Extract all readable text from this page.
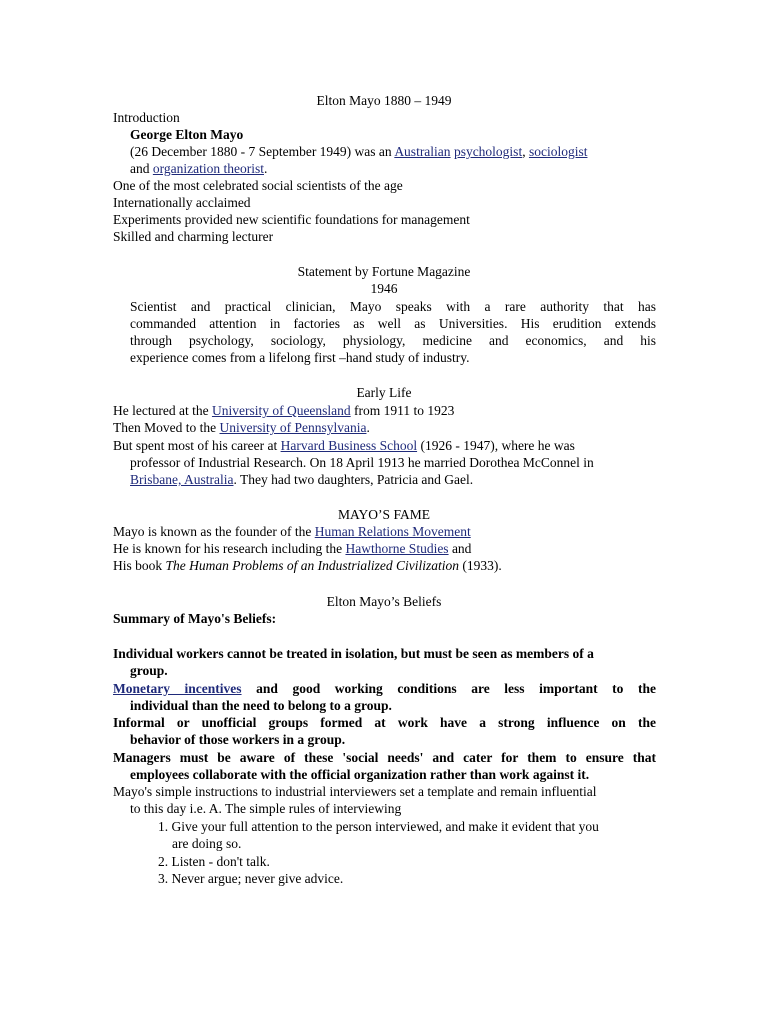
Elton Mayo 1880 – 1949
Introduction
George Elton Mayo
(26 December 1880 - 7 September 1949) was an Australian psychologist, sociologist
and organization theorist.
One of the most celebrated social scientists of the age
Internationally acclaimed
Experiments provided new scientific foundations for management
Skilled and charming lecturer
Statement by Fortune Magazine
1946
Scientist and practical clinician, Mayo speaks with a rare authority that has
commanded attention in factories as well as Universities. His erudition extends
through psychology, sociology, physiology, medicine and economics, and his
experience comes from a lifelong first –hand study of industry.
Early Life
He lectured at the University of Queensland from 1911 to 1923
Then Moved to the University of Pennsylvania.
But spent most of his career at Harvard Business School (1926 - 1947), where he was
professor of Industrial Research. On 18 April 1913 he married Dorothea McConnel in
Brisbane, Australia. They had two daughters, Patricia and Gael.
MAYO’S FAME
Mayo is known as the founder of the Human Relations Movement
He is known for his research including the Hawthorne Studies and
His book The Human Problems of an Industrialized Civilization (1933).
Elton Mayo’s Beliefs
Summary of Mayo's Beliefs:
Individual workers cannot be treated in isolation, but must be seen as members of a
group.
Monetary incentives and good working conditions are less important to the
individual than the need to belong to a group.
Informal or unofficial groups formed at work have a strong influence on the
behavior of those workers in a group.
Managers must be aware of these 'social needs' and cater for them to ensure that
employees collaborate with the official organization rather than work against it.
Mayo's simple instructions to industrial interviewers set a template and remain influential
to this day i.e. A. The simple rules of interviewing
1. Give your full attention to the person interviewed, and make it evident that you
are doing so.
2. Listen - don't talk.
3. Never argue; never give advice.
